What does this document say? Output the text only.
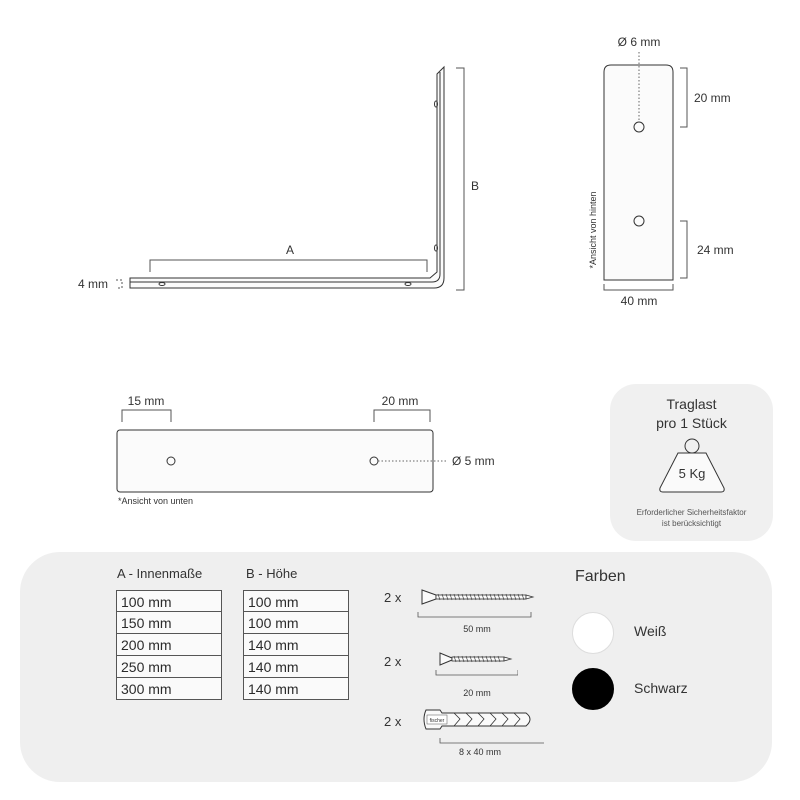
A
B
4 mm
Ø 6 mm
20 mm
24 mm
40 mm
*Ansicht von hinten
15 mm	20 mm
Ø 5 mm
*Ansicht von unten
Traglast
pro 1 Stück
5 Kg
Erforderlicher Sicherheitsfaktor
ist berücksichtigt
A - Innenmaße
100 mm
150 mm
200 mm
250 mm
300 mm
B - Höhe
100 mm
100 mm
140 mm
140 mm
140 mm
2 x
50 mm
2 x
20 mm
2 x	fischer
8 x 40 mm
Farben
Weiß
Schwarz
